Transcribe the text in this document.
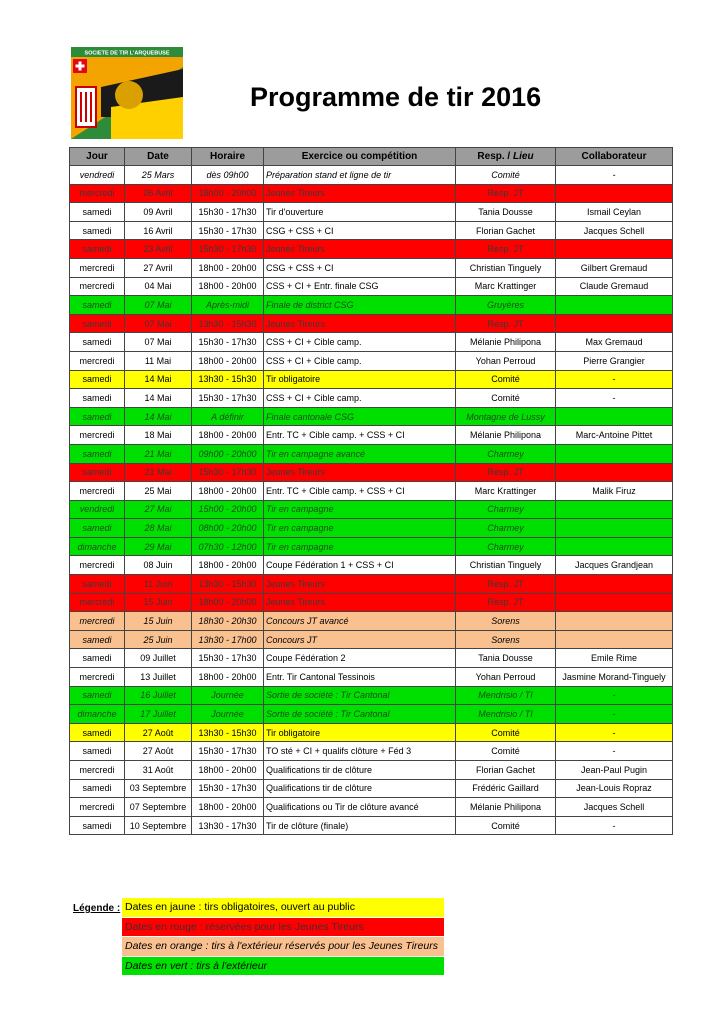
SOCIETE DE TIR L'ARQUEBUSE
Programme de tir 2016
Jour	Date	Horaire	Exercice ou compétition	Resp. / Lieu	Collaborateur
vendredi	25 Mars	dès 09h00	Préparation stand et ligne de tir	Comité	-
mercredi	06 Avril	18h00 - 20h00	Jeunes Tireurs	Resp. JT	
samedi	09 Avril	15h30 - 17h30	Tir d'ouverture	Tania Dousse	Ismail Ceylan
samedi	16 Avril	15h30 - 17h30	CSG + CSS + CI	Florian Gachet	Jacques Schell
samedi	23 Avril	15h30 - 17h30	Jeunes Tireurs	Resp. JT	
mercredi	27 Avril	18h00 - 20h00	CSG + CSS + CI	Christian Tinguely	Gilbert Gremaud
mercredi	04 Mai	18h00 - 20h00	CSS + CI + Entr. finale CSG	Marc Krattinger	Claude Gremaud
samedi	07 Mai	Après-midi	Finale de district CSG	Gruyères	
samedi	07 Mai	13h30 - 15h30	Jeunes Tireurs	Resp. JT	
samedi	07 Mai	15h30 - 17h30	CSS + CI + Cible camp.	Mélanie Philipona	Max Gremaud
mercredi	11 Mai	18h00 - 20h00	CSS + CI + Cible camp.	Yohan Perroud	Pierre Grangier
samedi	14 Mai	13h30 - 15h30	Tir obligatoire	Comité	-
samedi	14 Mai	15h30 - 17h30	CSS + CI + Cible camp.	Comité	-
samedi	14 Mai	A définir	Finale cantonale CSG	Montagne de Lussy	
mercredi	18 Mai	18h00 - 20h00	Entr. TC + Cible camp. + CSS + CI	Mélanie Philipona	Marc-Antoine Pittet
samedi	21 Mai	09h00 - 20h00	Tir en campagne avancé	Charmey	
samedi	21 Mai	15h30 - 17h30	Jeunes Tireurs	Resp. JT	
mercredi	25 Mai	18h00 - 20h00	Entr. TC + Cible camp. + CSS + CI	Marc Krattinger	Malik Firuz
vendredi	27 Mai	15h00 - 20h00	Tir en campagne	Charmey	
samedi	28 Mai	08h00 - 20h00	Tir en campagne	Charmey	
dimanche	29 Mai	07h30 - 12h00	Tir en campagne	Charmey	
mercredi	08 Juin	18h00 - 20h00	Coupe Fédération 1 + CSS + CI	Christian Tinguely	Jacques Grandjean
samedi	11 Juin	13h30 - 15h30	Jeunes Tireurs	Resp. JT	
mercredi	15 Juin	18h00 - 20h00	Jeunes Tireurs	Resp. JT	
mercredi	15 Juin	18h30 - 20h30	Concours JT avancé	Sorens	
samedi	25 Juin	13h30 - 17h00	Concours JT	Sorens	
samedi	09 Juillet	15h30 - 17h30	Coupe Fédération 2	Tania Dousse	Emile Rime
mercredi	13 Juillet	18h00 - 20h00	Entr. Tir Cantonal Tessinois	Yohan Perroud	Jasmine Morand-Tinguely
samedi	16 Juillet	Journée	Sortie de société : Tir Cantonal	Mendrisio / TI	-
dimanche	17 Juillet	Journée	Sortie de société : Tir Cantonal	Mendrisio / TI	-
samedi	27 Août	13h30 - 15h30	Tir obligatoire	Comité	-
samedi	27 Août	15h30 - 17h30	TO sté + CI + qualifs clôture + Féd 3	Comité	-
mercredi	31 Août	18h00 - 20h00	Qualifications tir de clôture	Florian Gachet	Jean-Paul Pugin
samedi	03 Septembre	15h30 - 17h30	Qualifications tir de clôture	Frédéric Gaillard	Jean-Louis Ropraz
mercredi	07 Septembre	18h00 - 20h00	Qualifications ou Tir de clôture avancé	Mélanie Philipona	Jacques Schell
samedi	10 Septembre	13h30 - 17h30	Tir de clôture (finale)	Comité	-
Légende : Dates en jaune : tirs obligatoires, ouvert au public
Dates en rouge : réservées pour les Jeunes Tireurs
Dates en orange : tirs à l'extérieur réservés pour les Jeunes Tireurs
Dates en vert : tirs à l'extérieur
